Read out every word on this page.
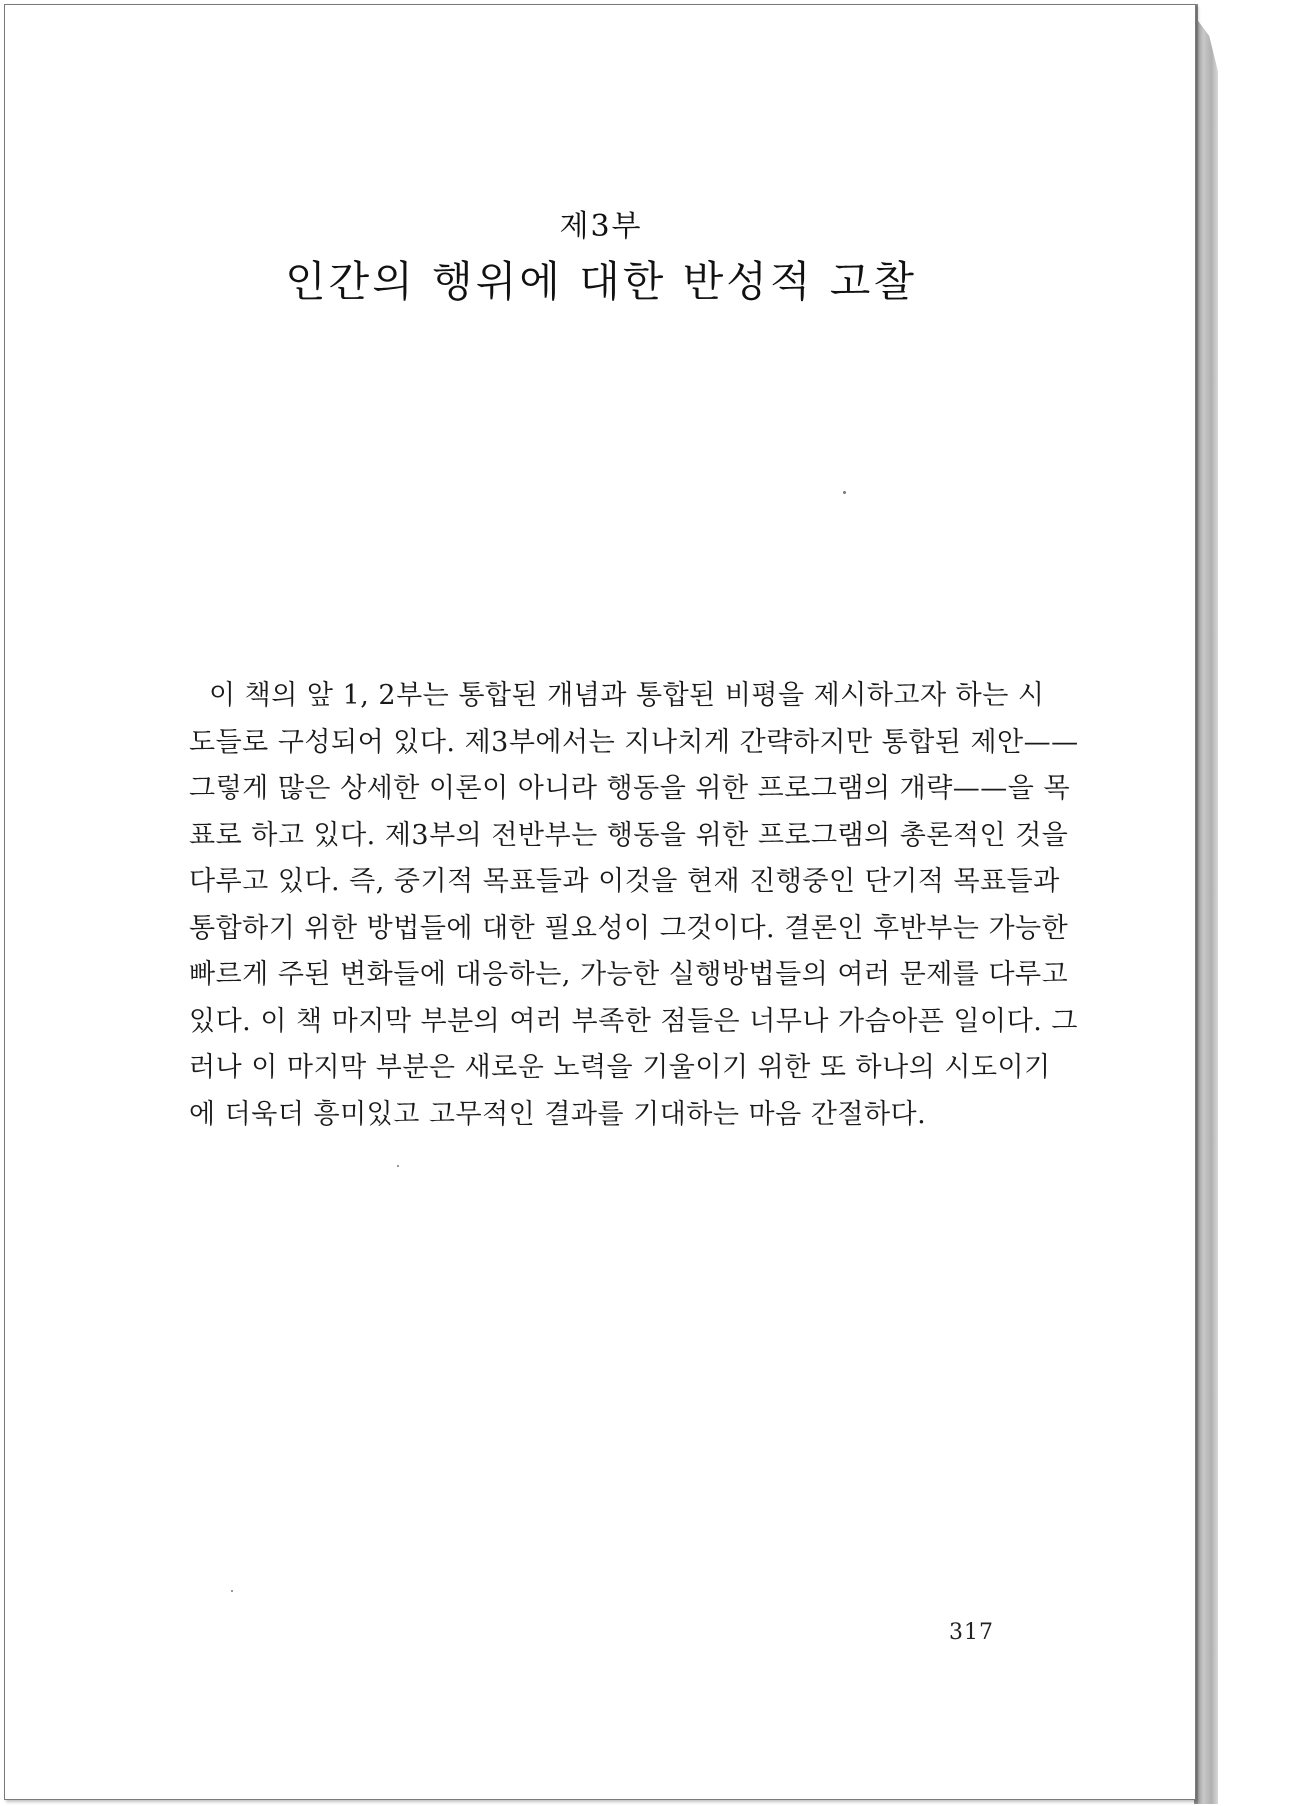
제3부
인간의 행위에 대한 반성적 고찰
이 책의 앞 1, 2부는 통합된 개념과 통합된 비평을 제시하고자 하는 시
도들로 구성되어 있다. 제3부에서는 지나치게 간략하지만 통합된 제안——
그렇게 많은 상세한 이론이 아니라 행동을 위한 프로그램의 개략——을 목
표로 하고 있다. 제3부의 전반부는 행동을 위한 프로그램의 총론적인 것을
다루고 있다. 즉, 중기적 목표들과 이것을 현재 진행중인 단기적 목표들과
통합하기 위한 방법들에 대한 필요성이 그것이다. 결론인 후반부는 가능한
빠르게 주된 변화들에 대응하는, 가능한 실행방법들의 여러 문제를 다루고
있다. 이 책 마지막 부분의 여러 부족한 점들은 너무나 가슴아픈 일이다. 그
러나 이 마지막 부분은 새로운 노력을 기울이기 위한 또 하나의 시도이기
에 더욱더 흥미있고 고무적인 결과를 기대하는 마음 간절하다.
317
